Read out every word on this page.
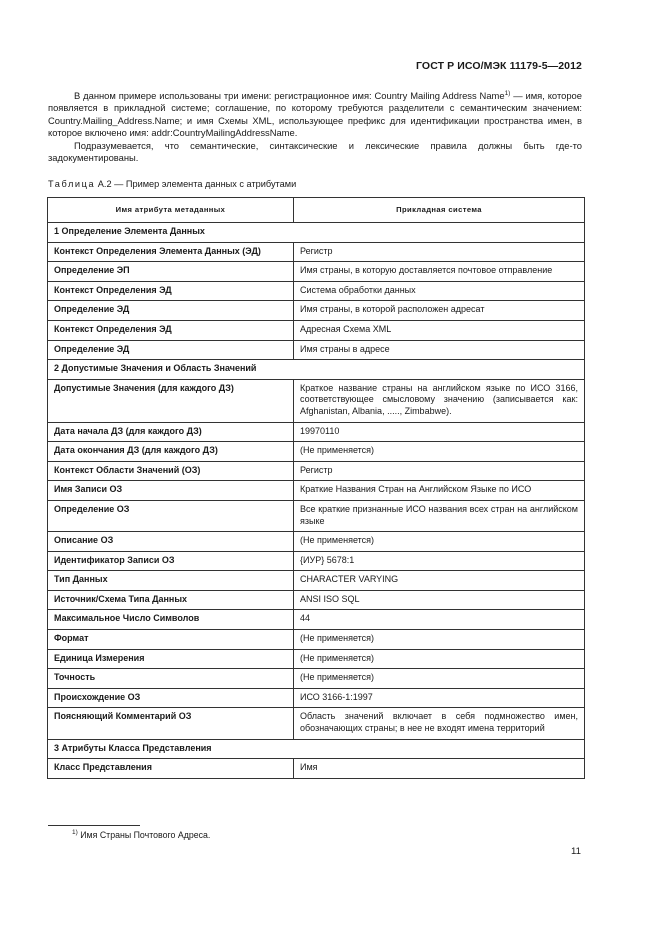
ГОСТ Р ИСО/МЭК 11179-5—2012

В данном примере использованы три имени: регистрационное имя: Country Mailing Address Name$^{1)}$ — имя, которое появляется в прикладной системе; соглашение, по которому требуются разделители с семантическим значением: Country.Mailing_Address.Name; и имя Схемы XML, использующее префикс для идентификации пространства имен, в которое включено имя: addr:CountryMailingAddressName.

Подразумевается, что семантические, синтаксические и лексические правила должны быть где-то задокументированы.

Таблица А.2 — Пример элемента данных с атрибутами
Имя атрибута метаданных	Прикладная система
1 Определение Элемента Данных	
Контекст Определения Элемента Данных (ЭД)	Регистр
Определение ЭП	Имя страны, в которую доставляется почтовое отправление
Контекст Определения ЭД	Система обработки данных
Определение ЭД	Имя страны, в которой расположен адресат
Контекст Определения ЭД	Адресная Схема XML
Определение ЭД	Имя страны в адресе
2 Допустимые Значения и Область Значений	
Допустимые Значения (для каждого ДЗ)	Краткое название страны на английском языке по ИСО 3166, соответствующее смысловому значению (записывается как: Afghanistan, Albania, ....., Zimbabwe).
Дата начала ДЗ (для каждого ДЗ)	19970110
Дата окончания ДЗ (для каждого ДЗ)	(Не применяется)
Контекст Области Значений (ОЗ)	Регистр
Имя Записи ОЗ	Краткие Названия Стран на Английском Языке по ИСО
Определение ОЗ	Все краткие признанные ИСО названия всех стран на английском языке
Описание ОЗ	(Не применяется)
Идентификатор Записи ОЗ	{ИУР} 5678:1
Тип Данных	CHARACTER VARYING
Источник/Схема Типа Данных	ANSI ISO SQL
Максимальное Число Символов	44
Формат	(Не применяется)
Единица Измерения	(Не применяется)
Точность	(Не применяется)
Происхождение ОЗ	ИСО 3166-1:1997
Поясняющий Комментарий ОЗ	Область значений включает в себя подмножество имен, обозначающих страны; в нее не входят имена территорий
3 Атрибуты Класса Представления	
Класс Представления	Имя
$^{1)}$ Имя Страны Почтового Адреса.
11
